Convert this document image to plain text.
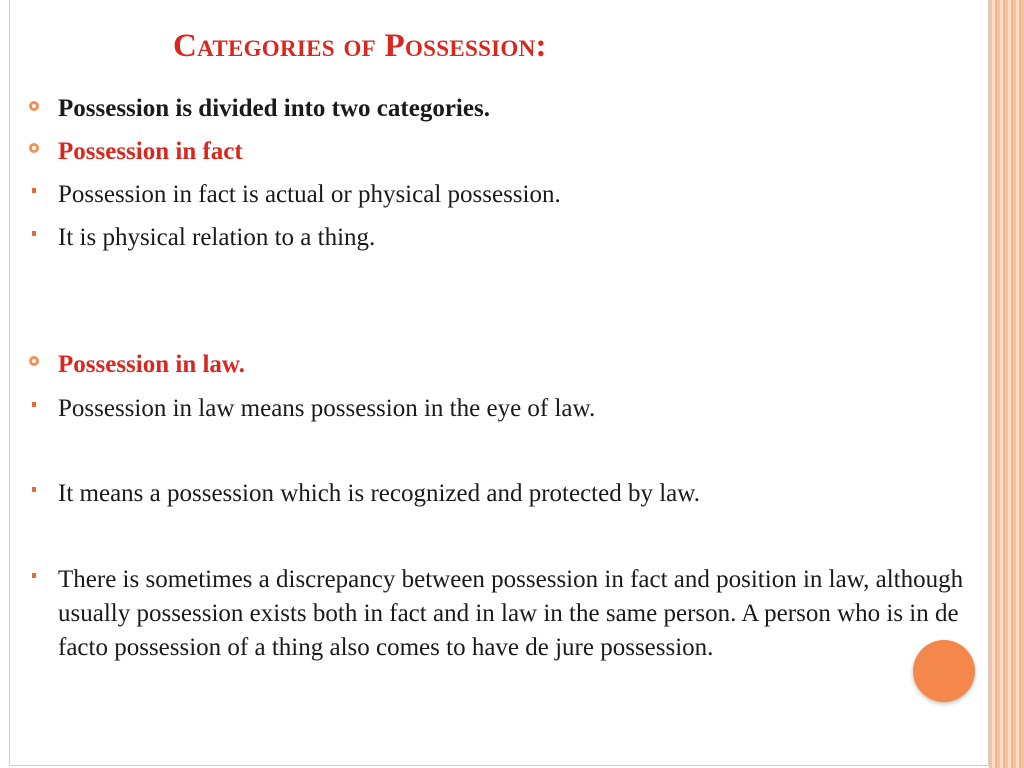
Categories of Possession:
Possession is divided into two categories.
Possession in fact
Possession in fact is actual or physical possession.
It is physical relation to a thing.
Possession in law.
Possession in law means possession in the eye of law.
It means a possession which is recognized and protected by law.
There is sometimes a discrepancy between possession in fact and position in law, although usually possession exists both in fact and in law in the same person. A person who is in de facto possession of a thing also comes to have de jure possession.
